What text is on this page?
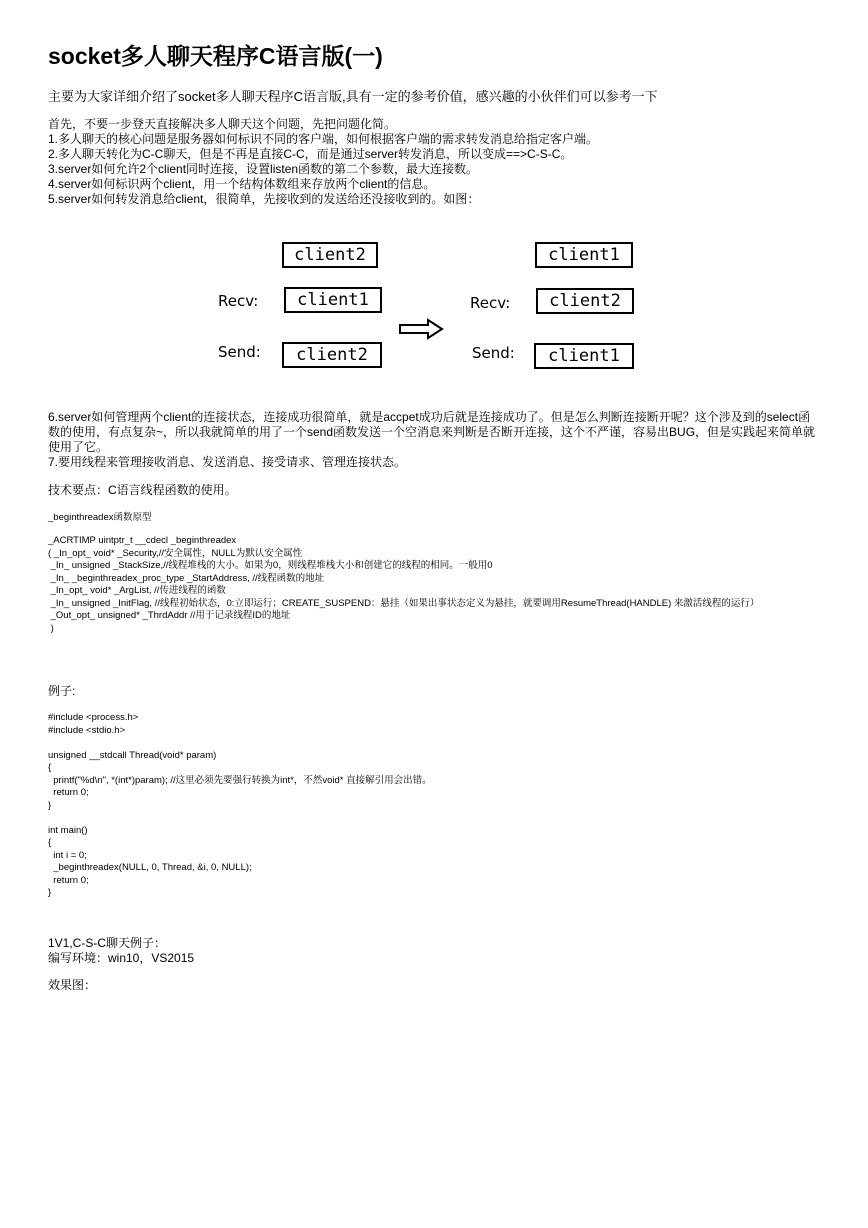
socket多人聊天程序C语言版(一)
主要为大家详细介绍了socket多人聊天程序C语言版,具有一定的参考价值，感兴趣的小伙伴们可以参考一下
首先，不要一步登天直接解决多人聊天这个问题，先把问题化简。
1.多人聊天的核心问题是服务器如何标识不同的客户端，如何根据客户端的需求转发消息给指定客户端。
2.多人聊天转化为C-C聊天，但是不再是直接C-C，而是通过server转发消息，所以变成==>C-S-C。
3.server如何允许2个client同时连接，设置listen函数的第二个参数，最大连接数。
4.server如何标识两个client，用一个结构体数组来存放两个client的信息。
5.server如何转发消息给client，很简单，先接收到的发送给还没接收到的。如图：
client2
Recv:	client1
Send:	client2
client1
Recv:	client2
Send:	client1
6.server如何管理两个client的连接状态，连接成功很简单，就是accpet成功后就是连接成功了。但是怎么判断连接断开呢？这个涉及到的select函数的使用，有点复杂~，所以我就简单的用了一个send函数发送一个空消息来判断是否断开连接，这个不严谨，容易出BUG，但是实践起来简单就使用了它。
7.要用线程来管理接收消息、发送消息、接受请求、管理连接状态。
技术要点：C语言线程函数的使用。
_beginthreadex函数原型
_ACRTIMP uintptr_t __cdecl _beginthreadex
( _In_opt_ void* _Security,//安全属性，NULL为默认安全属性
_In_ unsigned _StackSize,//线程堆栈的大小。如果为0，则线程堆栈大小和创建它的线程的相同。一般用0
_In_ _beginthreadex_proc_type _StartAddress, //线程函数的地址
_In_opt_ void* _ArgList, //传进线程的函数
_In_ unsigned _InitFlag, //线程初始状态，0:立即运行；CREATE_SUSPEND：悬挂（如果出事状态定义为悬挂，就要调用ResumeThread(HANDLE) 来激活线程的运行）
_Out_opt_ unsigned* _ThrdAddr //用于记录线程ID的地址
)
例子:
#include <process.h>
#include <stdio.h>
unsigned __stdcall Thread(void* param)
{
printf("%d\n", *(int*)param); //这里必须先要强行转换为int*，不然void* 直接解引用会出错。
return 0;
}
int main()
{
int i = 0;
_beginthreadex(NULL, 0, Thread, &i, 0, NULL);
return 0;
}
1V1,C-S-C聊天例子：
编写环境：win10，VS2015
效果图：
